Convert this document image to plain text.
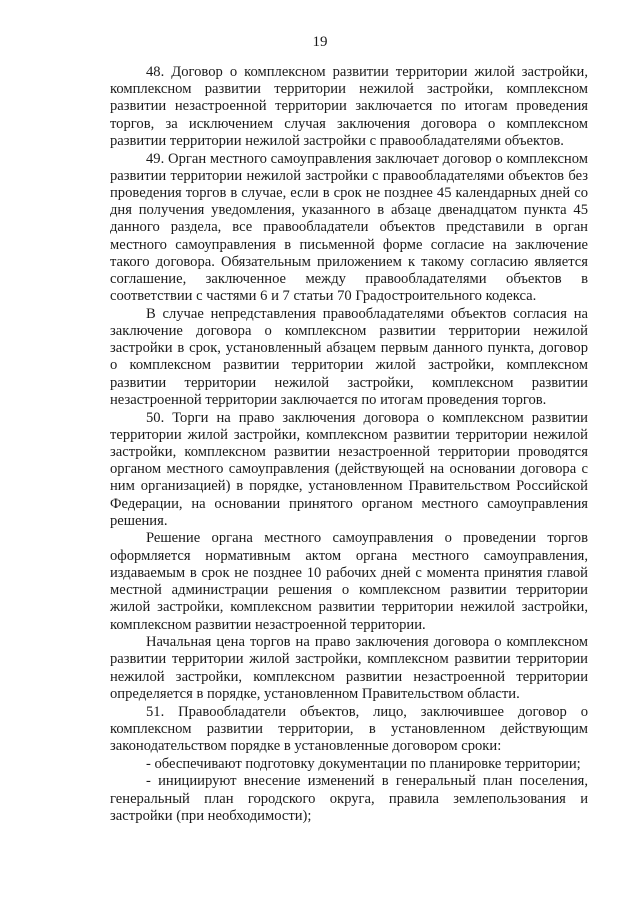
19

48. Договор о комплексном развитии территории жилой застройки, комплексном развитии территории нежилой застройки, комплексном развитии незастроенной территории заключается по итогам проведения торгов, за исключением случая заключения договора о комплексном развитии территории нежилой застройки с правообладателями объектов.

49. Орган местного самоуправления заключает договор о комплексном развитии территории нежилой застройки с правообладателями объектов без проведения торгов в случае, если в срок не позднее 45 календарных дней со дня получения уведомления, указанного в абзаце двенадцатом пункта 45 данного раздела, все правообладатели объектов представили в орган местного самоуправления в письменной форме согласие на заключение такого договора. Обязательным приложением к такому согласию является соглашение, заключенное между правообладателями объектов в соответствии с частями 6 и 7 статьи 70 Градостроительного кодекса.

В случае непредставления правообладателями объектов согласия на заключение договора о комплексном развитии территории нежилой застройки в срок, установленный абзацем первым данного пункта, договор о комплексном развитии территории жилой застройки, комплексном развитии территории нежилой застройки, комплексном развитии незастроенной территории заключается по итогам проведения торгов.

50. Торги на право заключения договора о комплексном развитии территории жилой застройки, комплексном развитии территории нежилой застройки, комплексном развитии незастроенной территории проводятся органом местного самоуправления (действующей на основании договора с ним организацией) в порядке, установленном Правительством Российской Федерации, на основании принятого органом местного самоуправления решения.

Решение органа местного самоуправления о проведении торгов оформляется нормативным актом органа местного самоуправления, издаваемым в срок не позднее 10 рабочих дней с момента принятия главой местной администрации решения о комплексном развитии территории жилой застройки, комплексном развитии территории нежилой застройки, комплексном развитии незастроенной территории.

Начальная цена торгов на право заключения договора о комплексном развитии территории жилой застройки, комплексном развитии территории нежилой застройки, комплексном развитии незастроенной территории определяется в порядке, установленном Правительством области.

51. Правообладатели объектов, лицо, заключившее договор о комплексном развитии территории, в установленном действующим законодательством порядке в установленные договором сроки:

- обеспечивают подготовку документации по планировке территории;

- инициируют внесение изменений в генеральный план поселения, генеральный план городского округа, правила землепользования и застройки (при необходимости);
